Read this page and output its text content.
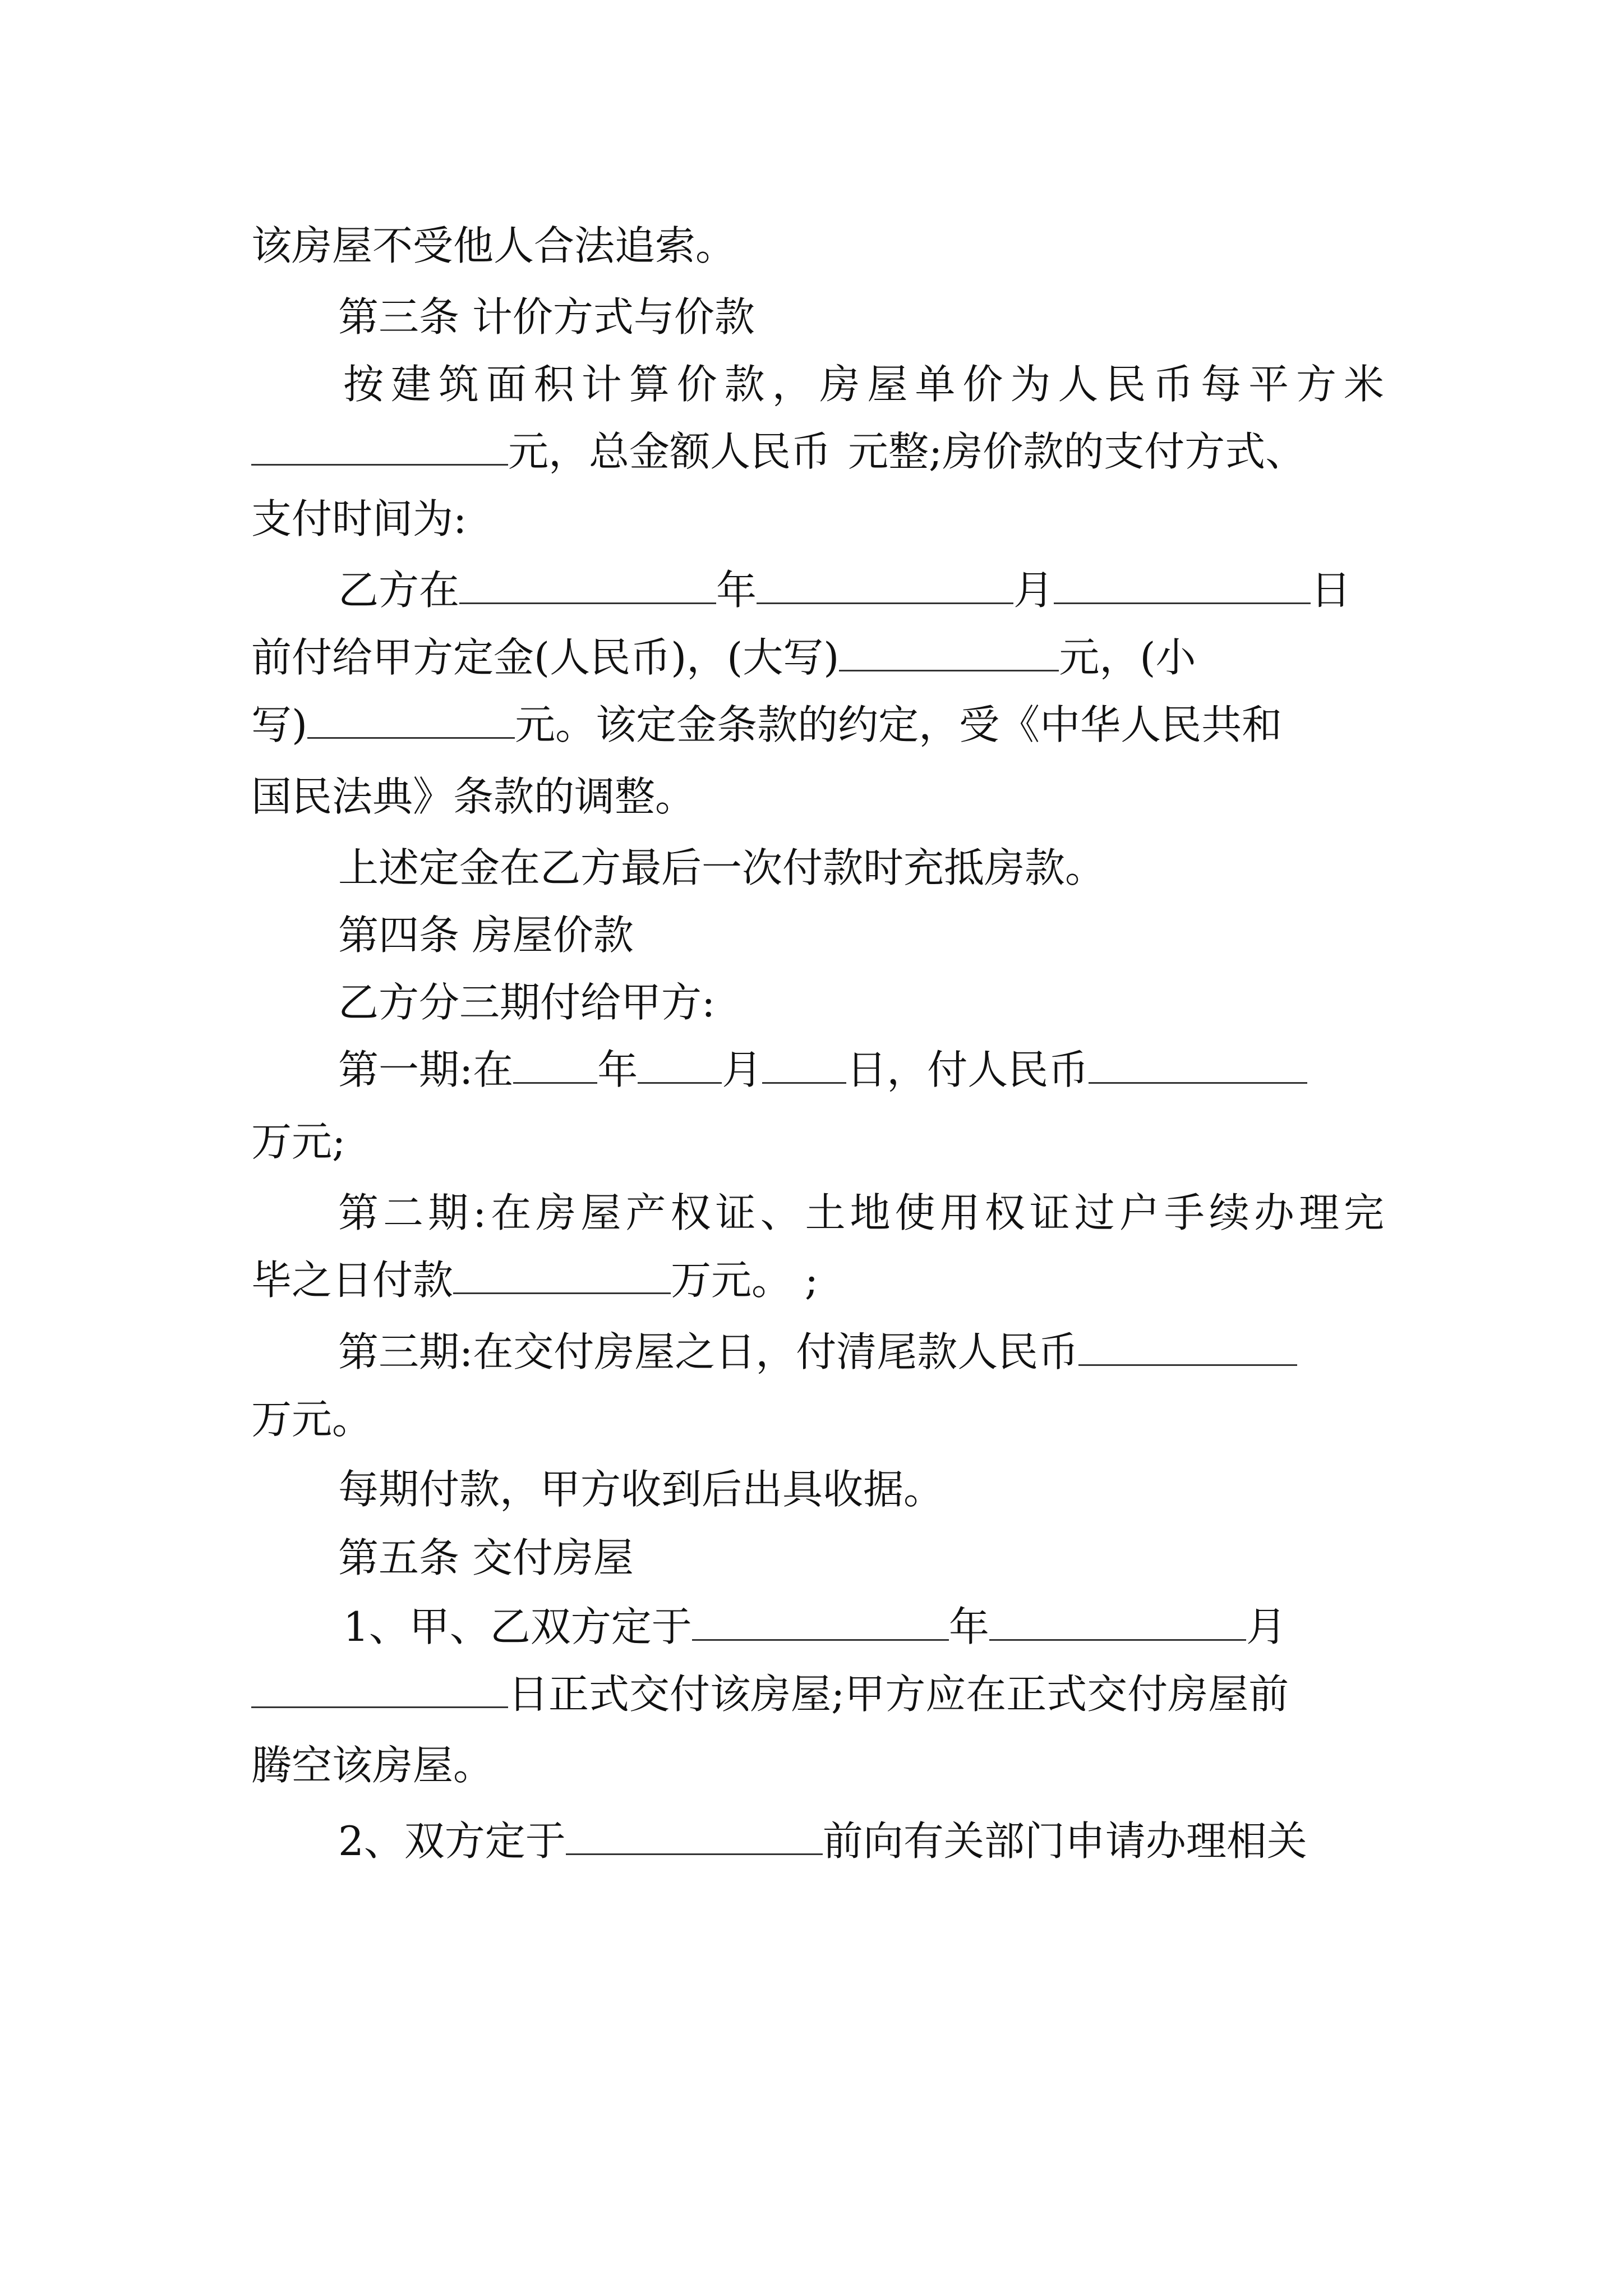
该房屋不受他人合法追索。
第三条 计价方式与价款
按建筑面积计算价款，房屋单价为人民币每平方米
元，总金额人民币 元整;房价款的支付方式、
支付时间为:
乙方在	年	月	日
前付给甲方定金(人民币)，(大写)	元，(小
写)	元。该定金条款的约定，受《中华人民共和
国民法典》条款的调整。
上述定金在乙方最后一次付款时充抵房款。
第四条 房屋价款
乙方分三期付给甲方:
第一期:在 年 月 日，付人民币
万元;
第二期:在房屋产权证、土地使用权证过户手续办理完
毕之日付款	万元。 ;
第三期:在交付房屋之日，付清尾款人民币
万元。
每期付款，甲方收到后出具收据。
第五条 交付房屋
1、甲、乙双方定于	年	月
日正式交付该房屋;甲方应在正式交付房屋前
腾空该房屋。
2、双方定于	前向有关部门申请办理相关
